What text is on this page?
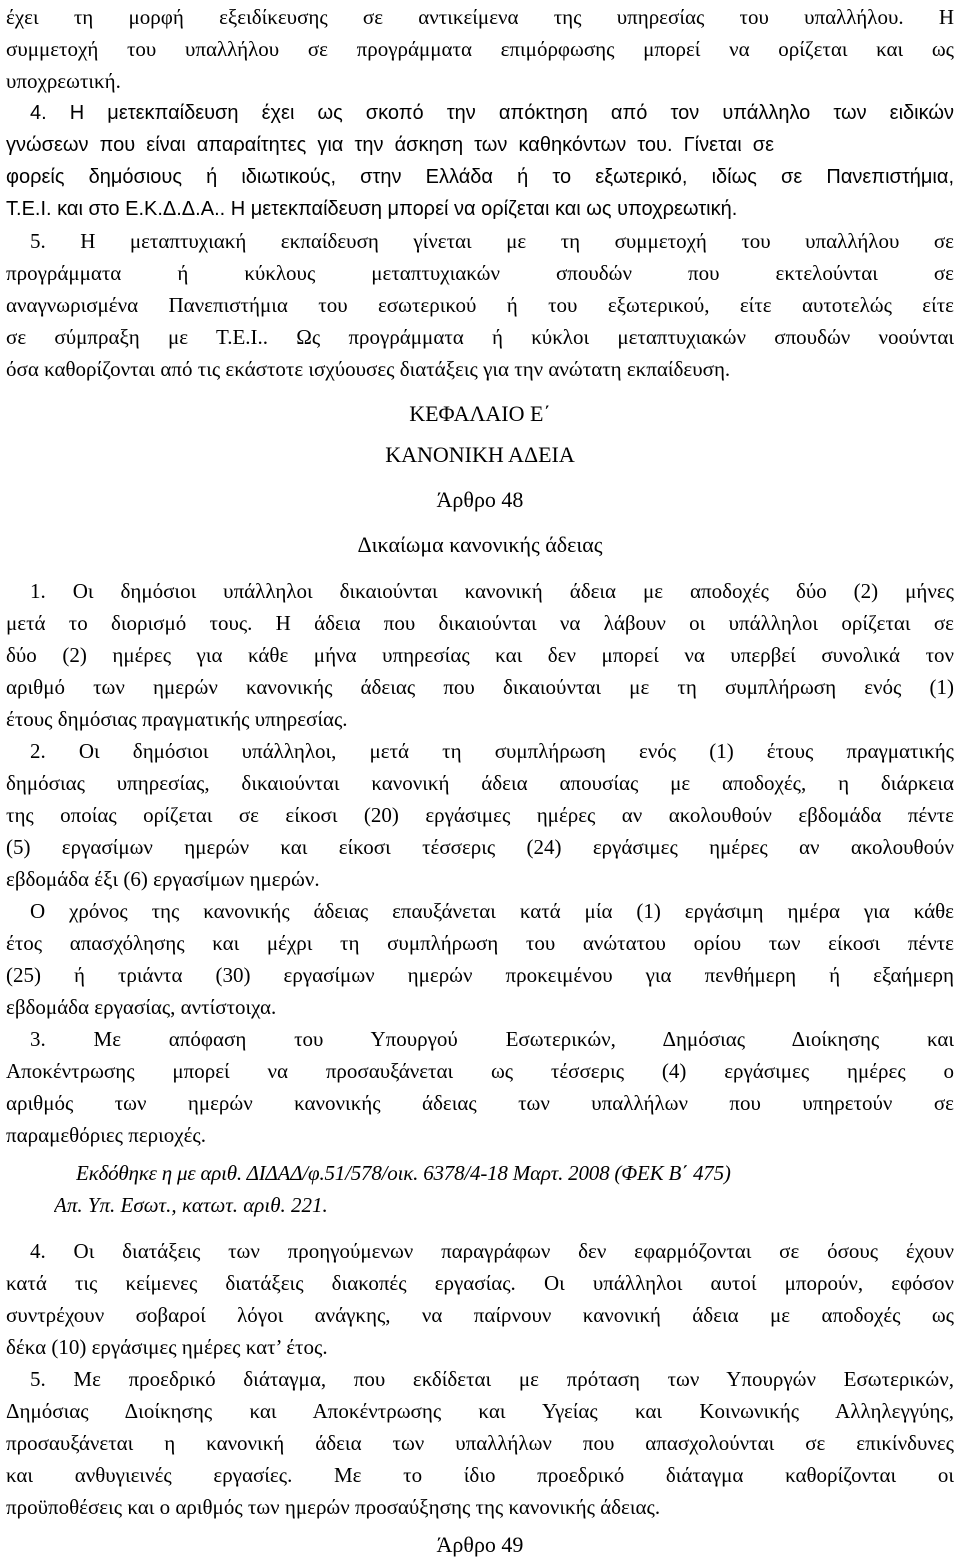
έχει τη μορφή εξειδίκευσης σε αντικείμενα της υπηρεσίας του υπαλλήλου. Η
συμμετοχή του υπαλλήλου σε προγράμματα επιμόρφωσης μπορεί να ορίζεται και ως
υποχρεωτική.
4. Η μετεκπαίδευση έχει ως σκοπό την απόκτηση από τον υπάλληλο των ειδικών
γνώσεων που είναι απαραίτητες για την άσκηση των καθηκόντων του. Γίνεται σε
φορείς δημόσιους ή ιδιωτικούς, στην Ελλάδα ή το εξωτερικό, ιδίως σε Πανεπιστήμια,
Τ.Ε.Ι. και στο Ε.Κ.Δ.Δ.Α.. Η μετεκπαίδευση μπορεί να ορίζεται και ως υποχρεωτική.
5. Η μεταπτυχιακή εκπαίδευση γίνεται με τη συμμετοχή του υπαλλήλου σε
προγράμματα ή κύκλους μεταπτυχιακών σπουδών που εκτελούνται σε
αναγνωρισμένα Πανεπιστήμια του εσωτερικού ή του εξωτερικού, είτε αυτοτελώς είτε
σε σύμπραξη με Τ.Ε.Ι.. Ως προγράμματα ή κύκλοι μεταπτυχιακών σπουδών νοούνται
όσα καθορίζονται από τις εκάστοτε ισχύουσες διατάξεις για την ανώτατη εκπαίδευση.
ΚΕΦΑΛΑΙΟ Ε΄
ΚΑΝΟΝΙΚΗ ΑΔΕΙΑ
Άρθρο 48
Δικαίωμα κανονικής άδειας
1. Οι δημόσιοι υπάλληλοι δικαιούνται κανονική άδεια με αποδοχές δύο (2) μήνες
μετά το διορισμό τους. Η άδεια που δικαιούνται να λάβουν οι υπάλληλοι ορίζεται σε
δύο (2) ημέρες για κάθε μήνα υπηρεσίας και δεν μπορεί να υπερβεί συνολικά τον
αριθμό των ημερών κανονικής άδειας που δικαιούνται με τη συμπλήρωση ενός (1)
έτους δημόσιας πραγματικής υπηρεσίας.
2. Οι δημόσιοι υπάλληλοι, μετά τη συμπλήρωση ενός (1) έτους πραγματικής
δημόσιας υπηρεσίας, δικαιούνται κανονική άδεια απουσίας με αποδοχές, η διάρκεια
της οποίας ορίζεται σε είκοσι (20) εργάσιμες ημέρες αν ακολουθούν εβδομάδα πέντε
(5) εργασίμων ημερών και είκοσι τέσσερις (24) εργάσιμες ημέρες αν ακολουθούν
εβδομάδα έξι (6) εργασίμων ημερών.
Ο χρόνος της κανονικής άδειας επαυξάνεται κατά μία (1) εργάσιμη ημέρα για κάθε
έτος απασχόλησης και μέχρι τη συμπλήρωση του ανώτατου ορίου των είκοσι πέντε
(25) ή τριάντα (30) εργασίμων ημερών προκειμένου για πενθήμερη ή εξαήμερη
εβδομάδα εργασίας, αντίστοιχα.
3. Με απόφαση του Υπουργού Εσωτερικών, Δημόσιας Διοίκησης και
Αποκέντρωσης μπορεί να προσαυξάνεται ως τέσσερις (4) εργάσιμες ημέρες ο
αριθμός των ημερών κανονικής άδειας των υπαλλήλων που υπηρετούν σε
παραμεθόριες περιοχές.
Εκδόθηκε η με αριθ. ΔΙΔΑΔ/φ.51/578/οικ. 6378/4-18 Μαρτ. 2008 (ΦΕΚ Β΄ 475)
Απ. Υπ. Εσωτ., κατωτ. αριθ. 221.
4. Οι διατάξεις των προηγούμενων παραγράφων δεν εφαρμόζονται σε όσους έχουν
κατά τις κείμενες διατάξεις διακοπές εργασίας. Οι υπάλληλοι αυτοί μπορούν, εφόσον
συντρέχουν σοβαροί λόγοι ανάγκης, να παίρνουν κανονική άδεια με αποδοχές ως
δέκα (10) εργάσιμες ημέρες κατ’ έτος.
5. Με προεδρικό διάταγμα, που εκδίδεται με πρόταση των Υπουργών Εσωτερικών,
Δημόσιας Διοίκησης και Αποκέντρωσης και Υγείας και Κοινωνικής Αλληλεγγύης,
προσαυξάνεται η κανονική άδεια των υπαλλήλων που απασχολούνται σε επικίνδυνες
και ανθυγιεινές εργασίες. Με το ίδιο προεδρικό διάταγμα καθορίζονται οι
προϋποθέσεις και ο αριθμός των ημερών προσαύξησης της κανονικής άδειας.
Άρθρο 49
